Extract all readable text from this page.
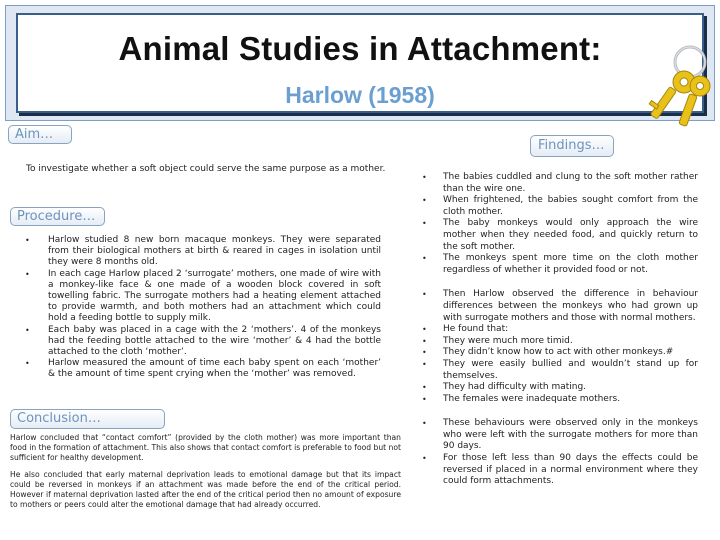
Animal Studies in Attachment:
Harlow (1958)
Aim…
To investigate whether a soft object could serve the same purpose as a mother.
Procedure…
• Harlow studied 8 new born macaque monkeys. They were separated from their biological mothers at birth & reared in cages in isolation until they were 8 months old.
• In each cage Harlow placed 2 ‘surrogate’ mothers, one made of wire with a monkey-like face & one made of a wooden block covered in soft towelling fabric. The surrogate mothers had a heating element attached to provide warmth, and both mothers had an attachment which could hold a feeding bottle to supply milk.
• Each baby was placed in a cage with the 2 ‘mothers’. 4 of the monkeys had the feeding bottle attached to the wire ‘mother’ & 4 had the bottle attached to the cloth ‘mother’.
• Harlow measured the amount of time each baby spent on each ‘mother’ & the amount of time spent crying when the ‘mother’ was removed.
Conclusion…

Harlow concluded that “contact comfort” (provided by the cloth mother) was more important than food in the formation of attachment. This also shows that contact comfort is preferable to food but not sufficient for healthy development.

He also concluded that early maternal deprivation leads to emotional damage but that its impact could be reversed in monkeys if an attachment was made before the end of the critical period. However if maternal deprivation lasted after the end of the critical period then no amount of exposure to mothers or peers could alter the emotional damage that had already occurred.

Findings…
• The babies cuddled and clung to the soft mother rather than the wire one.
• When frightened, the babies sought comfort from the cloth mother.
• The baby monkeys would only approach the wire mother when they needed food, and quickly return to the soft mother.
• The monkeys spent more time on the cloth mother regardless of whether it provided food or not.
• Then Harlow observed the difference in behaviour differences between the monkeys who had grown up with surrogate mothers and those with normal mothers.
• He found that:
• They were much more timid.
• They didn’t know how to act with other monkeys.#
• They were easily bullied and wouldn’t stand up for themselves.
• They had difficulty with mating.
• The females were inadequate mothers.
• These behaviours were observed only in the monkeys who were left with the surrogate mothers for more than 90 days.
• For those left less than 90 days the effects could be reversed if placed in a normal environment where they could form attachments.
